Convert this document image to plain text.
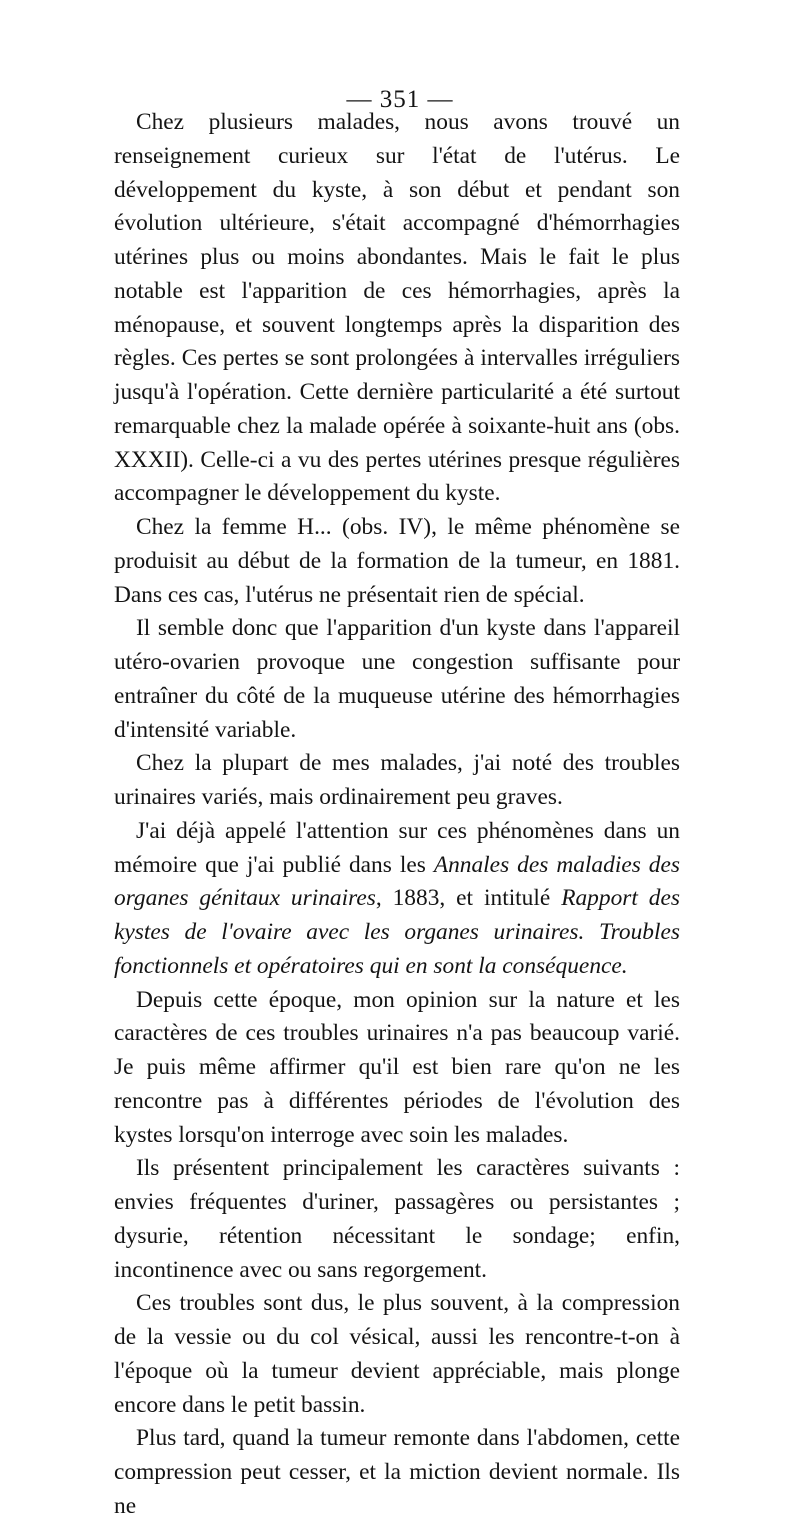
— 351 —

Chez plusieurs malades, nous avons trouvé un renseignement curieux sur l'état de l'utérus. Le développement du kyste, à son début et pendant son évolution ultérieure, s'était accompagné d'hémorrhagies utérines plus ou moins abondantes. Mais le fait le plus notable est l'apparition de ces hémorrhagies, après la ménopause, et souvent longtemps après la disparition des règles. Ces pertes se sont prolongées à intervalles irréguliers jusqu'à l'opération. Cette dernière particularité a été surtout remarquable chez la malade opérée à soixante-huit ans (obs. XXXII). Celle-ci a vu des pertes utérines presque régulières accompagner le développement du kyste.

Chez la femme H... (obs. IV), le même phénomène se produisit au début de la formation de la tumeur, en 1881. Dans ces cas, l'utérus ne présentait rien de spécial.

Il semble donc que l'apparition d'un kyste dans l'appareil utéro-ovarien provoque une congestion suffisante pour entraîner du côté de la muqueuse utérine des hémorrhagies d'intensité variable.

Chez la plupart de mes malades, j'ai noté des troubles urinaires variés, mais ordinairement peu graves.

J'ai déjà appelé l'attention sur ces phénomènes dans un mémoire que j'ai publié dans les Annales des maladies des organes génitaux urinaires, 1883, et intitulé Rapport des kystes de l'ovaire avec les organes urinaires. Troubles fonctionnels et opératoires qui en sont la conséquence.

Depuis cette époque, mon opinion sur la nature et les caractères de ces troubles urinaires n'a pas beaucoup varié. Je puis même affirmer qu'il est bien rare qu'on ne les rencontre pas à différentes périodes de l'évolution des kystes lorsqu'on interroge avec soin les malades.

Ils présentent principalement les caractères suivants : envies fréquentes d'uriner, passagères ou persistantes ; dysurie, rétention nécessitant le sondage; enfin, incontinence avec ou sans regorgement.

Ces troubles sont dus, le plus souvent, à la compression de la vessie ou du col vésical, aussi les rencontre-t-on à l'époque où la tumeur devient appréciable, mais plonge encore dans le petit bassin.

Plus tard, quand la tumeur remonte dans l'abdomen, cette compression peut cesser, et la miction devient normale. Ils ne
